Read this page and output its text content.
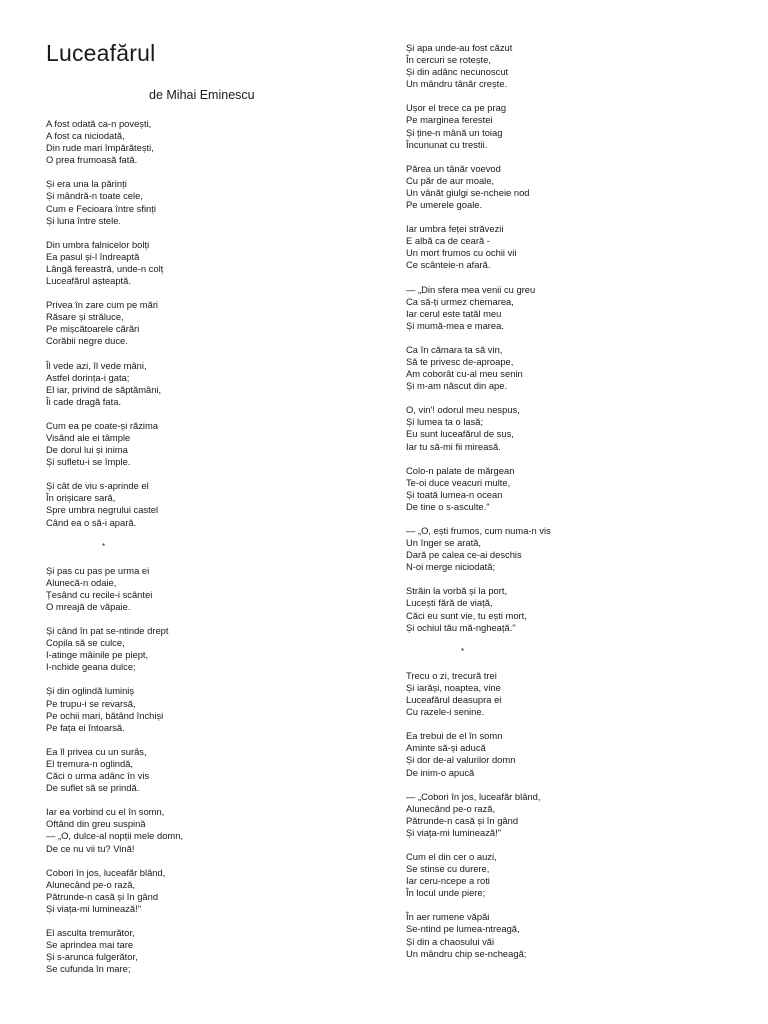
Luceafărul

de Mihai Eminescu

A fost odată ca-n povești,
A fost ca niciodată,
Din rude mari împărătești,
O prea frumoasă fată.
Și era una la părinți
Și mândră-n toate cele,
Cum e Fecioara între sfinți
Și luna între stele.
Din umbra falnicelor bolți
Ea pasul și-l îndreaptă
Lângă fereastră, unde-n colț
Luceafărul așteaptă.
Privea în zare cum pe mări
Răsare și străluce,
Pe mișcătoarele cărări
Corăbii negre duce.
Îl vede azi, îl vede mâni,
Astfel dorința-i gata;
El iar, privind de săptămâni,
Îi cade dragă fata.
Cum ea pe coate-și răzima
Visând ale ei tâmple
De dorul lui și inima
Și sufletu-i se împle.
Și cât de viu s-aprinde el
În orișicare sară,
Spre umbra negrului castel
Când ea o să-i apară.
*
Și pas cu pas pe urma ei
Alunecă-n odaie,
Țesând cu recile-i scântei
O mreajă de văpaie.
Și când în pat se-ntinde drept
Copila să se culce,
I-atinge mâinile pe piept,
I-nchide geana dulce;
Și din oglindă luminiș
Pe trupu-i se revarsă,
Pe ochii mari, bătând închiși
Pe fața ei întoarsă.
Ea îl privea cu un surâs,
El tremura-n oglindă,
Căci o urma adânc în vis
De suflet să se prindă.
Iar ea vorbind cu el în somn,
Oftând din greu suspină
— „O, dulce-al nopții mele domn,
De ce nu vii tu? Vină!
Cobori în jos, luceafăr blând,
Alunecând pe-o rază,
Pătrunde-n casă și în gând
Și viața-mi luminează!"
El asculta tremurător,
Se aprindea mai tare
Și s-arunca fulgerător,
Se cufunda în mare;
Și apa unde-au fost căzut
În cercuri se rotește,
Și din adânc necunoscut
Un mândru tânăr crește.
Ușor el trece ca pe prag
Pe marginea ferestei
Și ține-n mână un toiag
Încununat cu trestii.
Părea un tânăr voevod
Cu păr de aur moale,
Un vânăt giulgi se-ncheie nod
Pe umerele goale.
Iar umbra feței străvezii
E albă ca de ceară -
Un mort frumos cu ochii vii
Ce scânteie-n afară.
— „Din sfera mea venii cu greu
Ca să-ți urmez chemarea,
Iar cerul este tatăl meu
Și mumă-mea e marea.
Ca în cămara ta să vin,
Să te privesc de-aproape,
Am coborât cu-al meu senin
Și m-am născut din ape.
O, vin'! odorul meu nespus,
Și lumea ta o lasă;
Eu sunt luceafărul de sus,
Iar tu să-mi fii mireasă.
Colo-n palate de mărgean
Te-oi duce veacuri multe,
Și toată lumea-n ocean
De tine o s-asculte."
— „O, ești frumos, cum numa-n vis
Un înger se arată,
Dară pe calea ce-ai deschis
N-oi merge niciodată;
Străin la vorbă și la port,
Lucești fără de viață,
Căci eu sunt vie, tu ești mort,
Și ochiul tău mă-ngheață."
*
Trecu o zi, trecură trei
Și iarăși, noaptea, vine
Luceafărul deasupra ei
Cu razele-i senine.
Ea trebui de el în somn
Aminte să-și aducă
Și dor de-al valurilor domn
De inim-o apucă
— „Cobori în jos, luceafăr blând,
Alunecând pe-o rază,
Pătrunde-n casă și în gând
Și viața-mi luminează!"
Cum el din cer o auzi,
Se stinse cu durere,
Iar ceru-ncepe a roti
În locul unde piere;
În aer rumene văpăi
Se-ntind pe lumea-ntreagă,
Și din a chaosului văi
Un mândru chip se-ncheagă;
